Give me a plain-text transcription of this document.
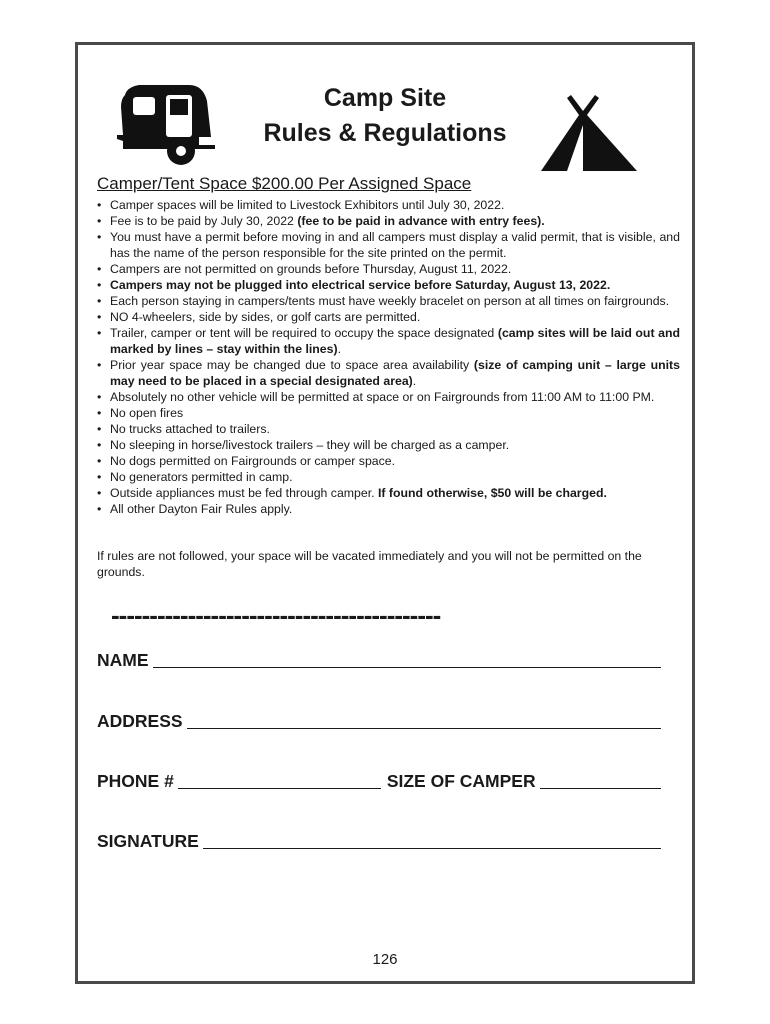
Camp Site
Rules & Regulations
Camper/Tent Space $200.00 Per Assigned Space
• Camper spaces will be limited to Livestock Exhibitors until July 30, 2022.
• Fee is to be paid by July 30, 2022 (fee to be paid in advance with entry fees).
• You must have a permit before moving in and all campers must display a valid permit, that is visible, and has the name of the person responsible for the site printed on the permit.
• Campers are not permitted on grounds before Thursday, August 11, 2022.
• Campers may not be plugged into electrical service before Saturday, August 13, 2022.
• Each person staying in campers/tents must have weekly bracelet on person at all times on fairgrounds.
• NO 4-wheelers, side by sides, or golf carts are permitted.
• Trailer, camper or tent will be required to occupy the space designated (camp sites will be laid out and marked by lines – stay within the lines).
• Prior year space may be changed due to space area availability (size of camping unit – large units may need to be placed in a special designated area).
• Absolutely no other vehicle will be permitted at space or on Fairgrounds from 11:00 AM to 11:00 PM.
• No open fires
• No trucks attached to trailers.
• No sleeping in horse/livestock trailers – they will be charged as a camper.
• No dogs permitted on Fairgrounds or camper space.
• No generators permitted in camp.
• Outside appliances must be fed through camper. If found otherwise, $50 will be charged.
• All other Dayton Fair Rules apply.
If rules are not followed, your space will be vacated immediately and you will not be permitted on the grounds.
-------------------------------------------
NAME
ADDRESS
PHONE #	SIZE OF CAMPER
SIGNATURE
126
